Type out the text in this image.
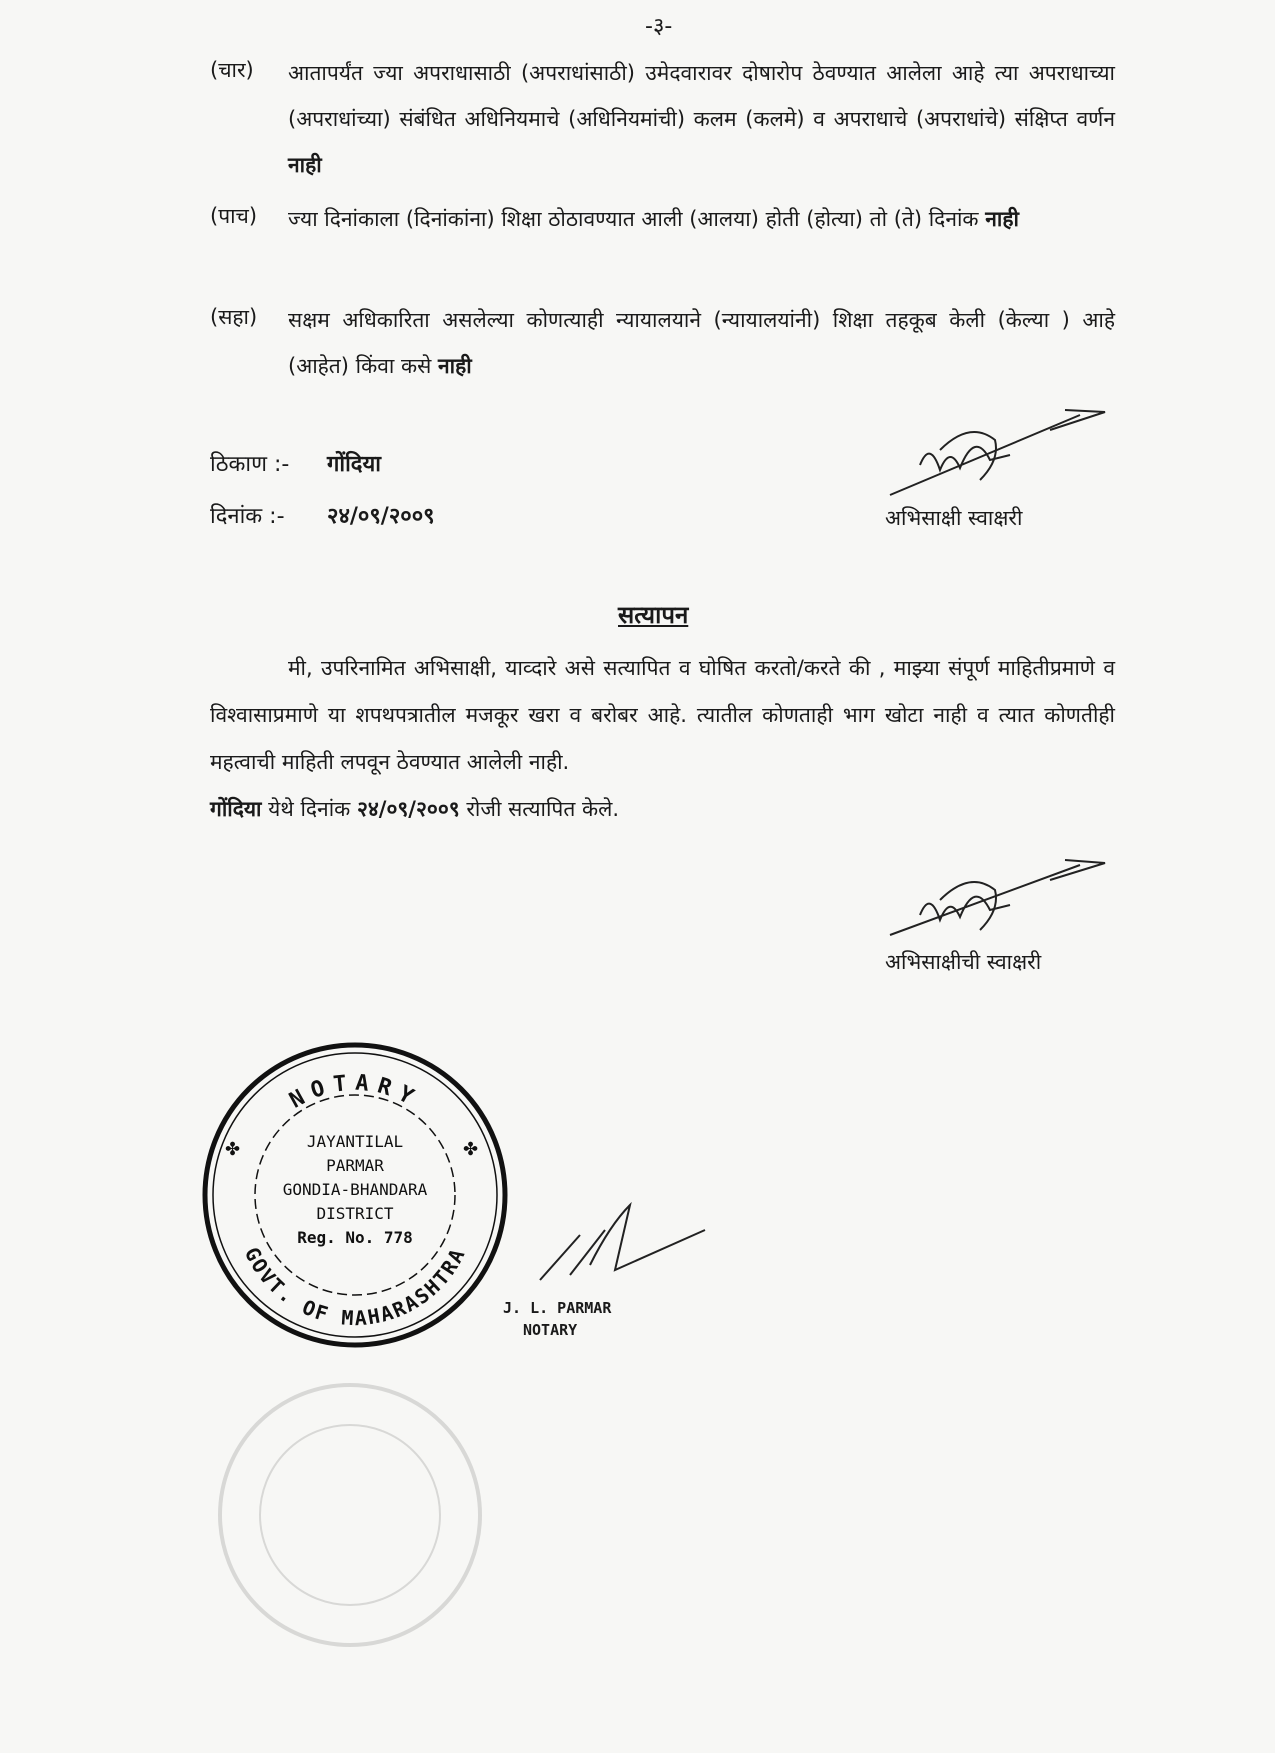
-३-
(चार) आतापर्यंत ज्या अपराधासाठी (अपराधांसाठी) उमेदवारावर दोषारोप ठेवण्यात आलेला आहे त्या अपराधाच्या (अपराधांच्या) संबंधित अधिनियमाचे (अधिनियमांची) कलम (कलमे) व अपराधाचे (अपराधांचे) संक्षिप्त वर्णन नाही
(पाच) ज्या दिनांकाला (दिनांकांना) शिक्षा ठोठावण्यात आली (आलया) होती (होत्या) तो (ते) दिनांक नाही
(सहा) सक्षम अधिकारिता असलेल्या कोणत्याही न्यायालयाने (न्यायालयांनी) शिक्षा तहकूब केली (केल्या ) आहे (आहेत) किंवा कसे नाही
ठिकाण :- गोंदिया
दिनांक :- २४/०९/२००९	अभिसाक्षी स्वाक्षरी
सत्यापन

मी, उपरिनामित अभिसाक्षी, याव्दारे असे सत्यापित व घोषित करतो/करते की , माझ्या संपूर्ण माहितीप्रमाणे व विश्वासाप्रमाणे या शपथपत्रातील मजकूर खरा व बरोबर आहे. त्यातील कोणताही भाग खोटा नाही व त्यात कोणतीही महत्वाची माहिती लपवून ठेवण्यात आलेली नाही.

गोंदिया येथे दिनांक २४/०९/२००९ रोजी सत्यापित केले.

अभिसाक्षीची स्वाक्षरी
NOTARY
GOVT. OF MAHARASHTRA
JAYANTILAL
PARMAR
GONDIA-BHANDARA
DISTRICT
Reg. No. 778
✤	✤
J. L. PARMAR
NOTARY
